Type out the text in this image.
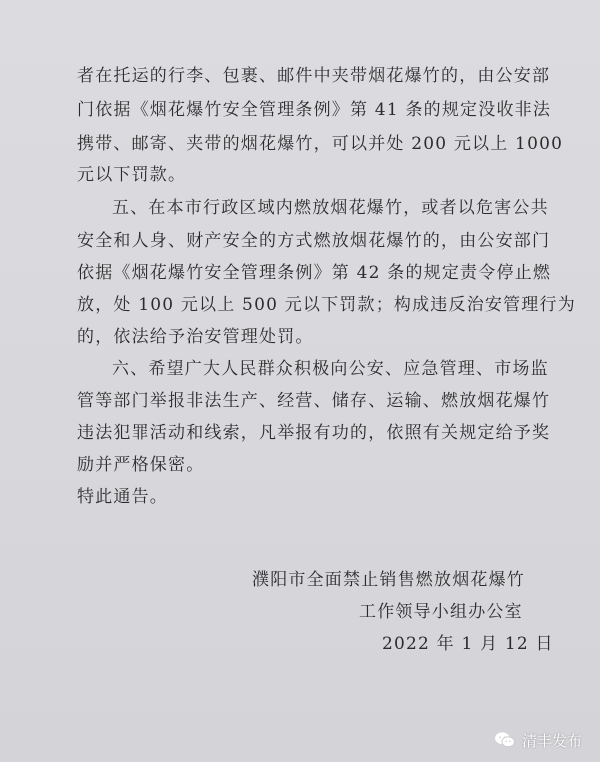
者在托运的行李、包裹、邮件中夹带烟花爆竹的，由公安部
门依据《烟花爆竹安全管理条例》第 41 条的规定没收非法
携带、邮寄、夹带的烟花爆竹，可以并处 200 元以上 1000
元以下罚款。
五、在本市行政区域内燃放烟花爆竹，或者以危害公共
安全和人身、财产安全的方式燃放烟花爆竹的，由公安部门
依据《烟花爆竹安全管理条例》第 42 条的规定责令停止燃
放，处 100 元以上 500 元以下罚款；构成违反治安管理行为
的，依法给予治安管理处罚。
六、希望广大人民群众积极向公安、应急管理、市场监
管等部门举报非法生产、经营、储存、运输、燃放烟花爆竹
违法犯罪活动和线索，凡举报有功的，依照有关规定给予奖
励并严格保密。
特此通告。
濮阳市全面禁止销售燃放烟花爆竹
工作领导小组办公室
2022 年 1 月 12 日
清丰发布
